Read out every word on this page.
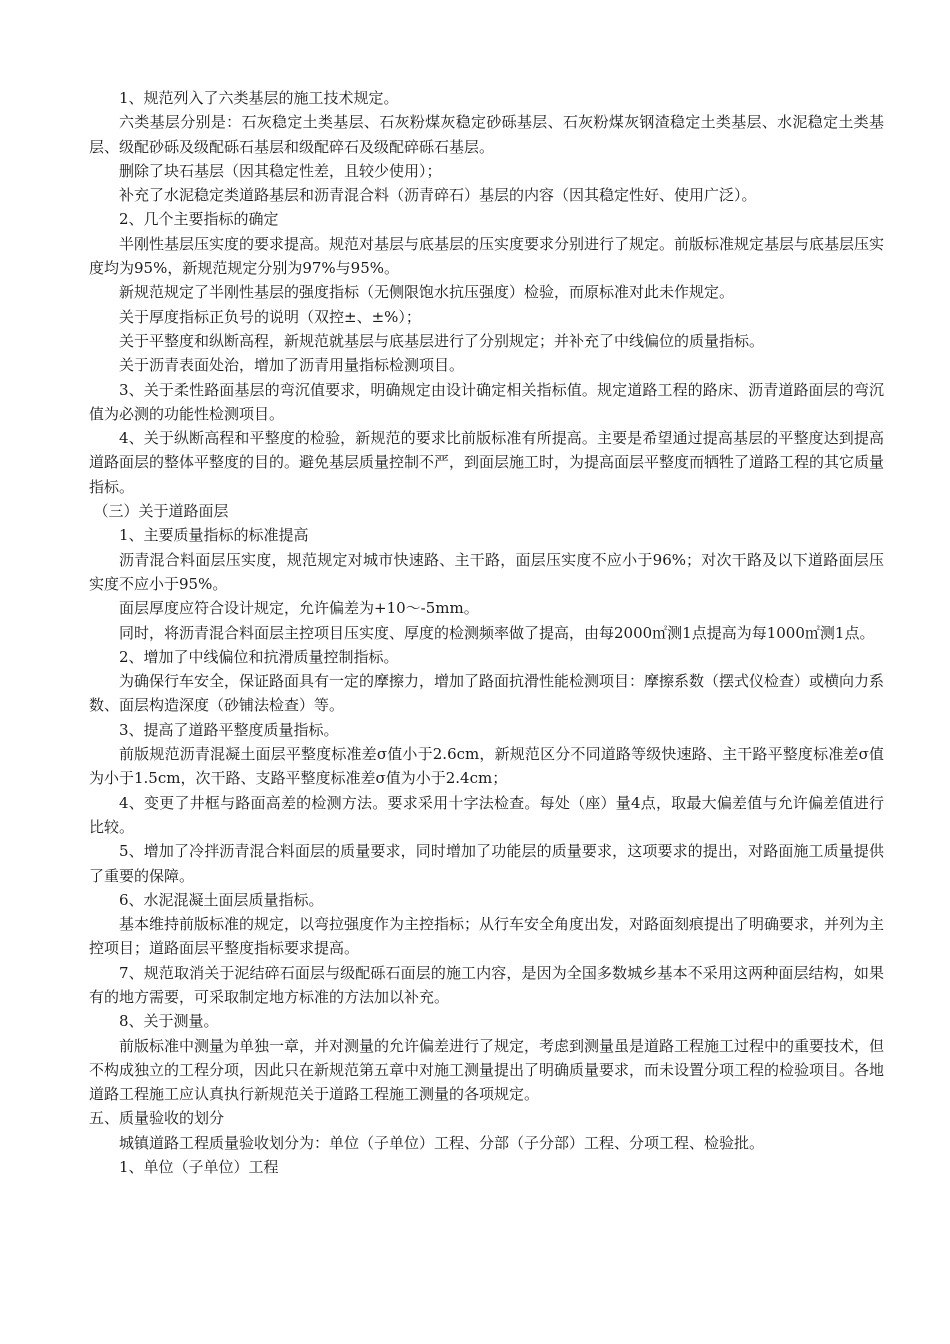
1、规范列入了六类基层的施工技术规定。

六类基层分别是：石灰稳定土类基层、石灰粉煤灰稳定砂砾基层、石灰粉煤灰钢渣稳定土类基层、水泥稳定土类基层、级配砂砾及级配砾石基层和级配碎石及级配碎砾石基层。

删除了块石基层（因其稳定性差，且较少使用）；

补充了水泥稳定类道路基层和沥青混合料（沥青碎石）基层的内容（因其稳定性好、使用广泛）。

2、几个主要指标的确定

半刚性基层压实度的要求提高。规范对基层与底基层的压实度要求分别进行了规定。前版标准规定基层与底基层压实度均为95%，新规范规定分别为97%与95%。

新规范规定了半刚性基层的强度指标（无侧限饱水抗压强度）检验，而原标准对此未作规定。

关于厚度指标正负号的说明（双控±、±%）；

关于平整度和纵断高程，新规范就基层与底基层进行了分别规定；并补充了中线偏位的质量指标。

关于沥青表面处治，增加了沥青用量指标检测项目。

3、关于柔性路面基层的弯沉值要求，明确规定由设计确定相关指标值。规定道路工程的路床、沥青道路面层的弯沉值为必测的功能性检测项目。

4、关于纵断高程和平整度的检验，新规范的要求比前版标准有所提高。主要是希望通过提高基层的平整度达到提高道路面层的整体平整度的目的。避免基层质量控制不严，到面层施工时，为提高面层平整度而牺牲了道路工程的其它质量指标。

（三）关于道路面层

1、主要质量指标的标准提高

沥青混合料面层压实度，规范规定对城市快速路、主干路，面层压实度不应小于96%；对次干路及以下道路面层压实度不应小于95%。

面层厚度应符合设计规定，允许偏差为+10～-5mm。

同时，将沥青混合料面层主控项目压实度、厚度的检测频率做了提高，由每2000㎡测1点提高为每1000㎡测1点。

2、增加了中线偏位和抗滑质量控制指标。

为确保行车安全，保证路面具有一定的摩擦力，增加了路面抗滑性能检测项目：摩擦系数（摆式仪检查）或横向力系数、面层构造深度（砂铺法检查）等。

3、提高了道路平整度质量指标。

前版规范沥青混凝土面层平整度标准差σ值小于2.6cm，新规范区分不同道路等级快速路、主干路平整度标准差σ值为小于1.5cm，次干路、支路平整度标准差σ值为小于2.4cm；

4、变更了井框与路面高差的检测方法。要求采用十字法检查。每处（座）量4点，取最大偏差值与允许偏差值进行比较。

5、增加了冷拌沥青混合料面层的质量要求，同时增加了功能层的质量要求，这项要求的提出，对路面施工质量提供了重要的保障。

6、水泥混凝土面层质量指标。

基本维持前版标准的规定，以弯拉强度作为主控指标；从行车安全角度出发，对路面刻痕提出了明确要求，并列为主控项目；道路面层平整度指标要求提高。

7、规范取消关于泥结碎石面层与级配砾石面层的施工内容，是因为全国多数城乡基本不采用这两种面层结构，如果有的地方需要，可采取制定地方标准的方法加以补充。

8、关于测量。

前版标准中测量为单独一章，并对测量的允许偏差进行了规定，考虑到测量虽是道路工程施工过程中的重要技术，但不构成独立的工程分项，因此只在新规范第五章中对施工测量提出了明确质量要求，而未设置分项工程的检验项目。各地道路工程施工应认真执行新规范关于道路工程施工测量的各项规定。

五、质量验收的划分

城镇道路工程质量验收划分为：单位（子单位）工程、分部（子分部）工程、分项工程、检验批。

1、单位（子单位）工程
